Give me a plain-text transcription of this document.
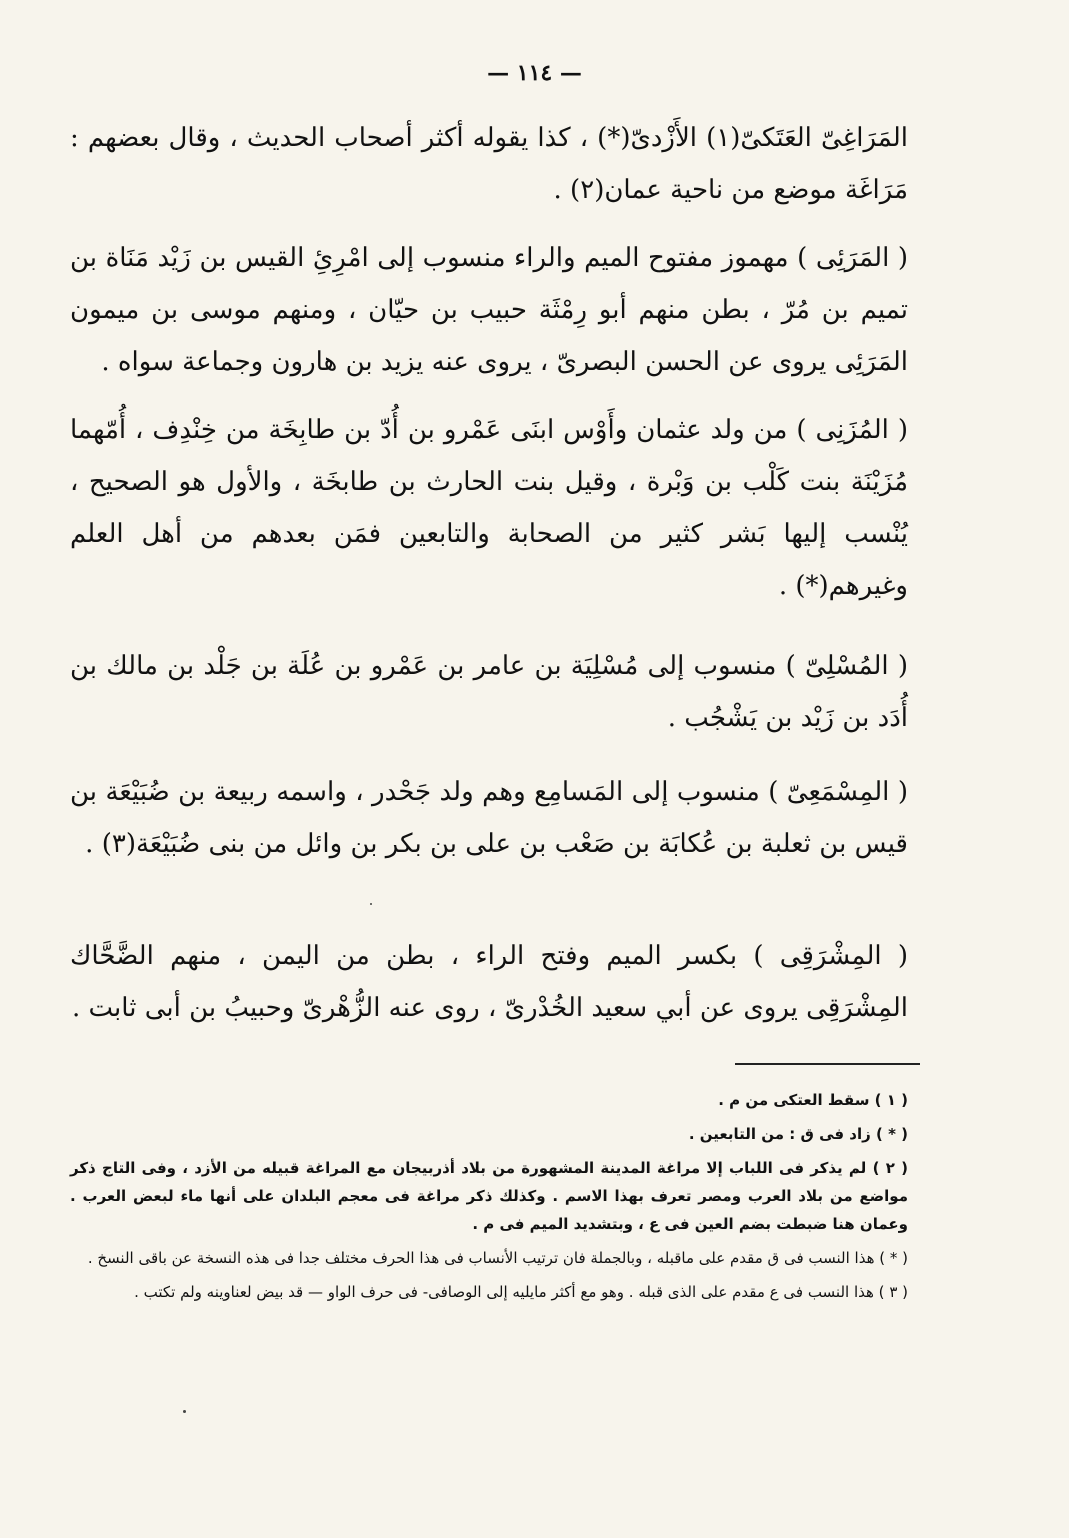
— ١١٤ —

المَرَاغِىّ العَتَكىّ(١) الأَزْدىّ(*) ، كذا يقوله أكثر أصحاب الحديث ، وقال بعضهم : مَرَاغَة موضع من ناحية عمان(٢) .

( المَرَئِى ) مهموز مفتوح الميم والراء منسوب إلى امْرِئِ القيس بن زَيْد مَنَاة بن تميم بن مُرّ ، بطن منهم أبو رِمْثَة حبيب بن حيّان ، ومنهم موسى بن ميمون المَرَئِى يروى عن الحسن البصرىّ ، يروى عنه يزيد بن هارون وجماعة سواه .

( المُزَنِى ) من ولد عثمان وأَوْس ابنَى عَمْرو بن أُدّ بن طابِخَة من خِنْدِف ، أُمّهما مُزَيْنَة بنت كَلْب بن وَبْرة ، وقيل بنت الحارث بن طابخَة ، والأول هو الصحيح ، يُنْسب إليها بَشر كثير من الصحابة والتابعين فمَن بعدهم من أهل العلم وغيرهم(*) .

( المُسْلِىّ ) منسوب إلى مُسْلِيَة بن عامر بن عَمْرو بن عُلَة بن جَلْد بن مالك بن أُدَد بن زَيْد بن يَشْجُب .

( المِسْمَعِىّ ) منسوب إلى المَسامِع وهم ولد جَحْدر ، واسمه ربيعة بن ضُبَيْعَة بن قيس بن ثعلبة بن عُكابَة بن صَعْب بن على بن بكر بن وائل من بنى ضُبَيْعَة(٣) .

( المِشْرَقِى ) بكسر الميم وفتح الراء ، بطن من اليمن ، منهم الضَّحَّاك المِشْرَقِى يروى عن أبي سعيد الخُدْرىّ ، روى عنه الزُّهْرىّ وحبيبُ بن أبى ثابت .

( ١ ) سقط العتكى من م .

( * ) زاد فى ق : من التابعين .

( ٢ ) لم يذكر فى اللباب إلا مراغة المدينة المشهورة من بلاد أذربيجان مع المراغة قبيله من الأزد ، وفى التاج ذكر مواضع من بلاد العرب ومصر تعرف بهذا الاسم . وكذلك ذكر مراغة فى معجم البلدان على أنها ماء لبعض العرب . وعمان هنا ضبطت بضم العين فى ع ، وبتشديد الميم فى م .

( * ) هذا النسب فى ق مقدم على ماقبله ، وبالجملة فان ترتيب الأنساب فى هذا الحرف مختلف جدا فى هذه النسخة عن باقى النسخ .

( ٣ ) هذا النسب فى ع مقدم على الذى قبله . وهو مع أكثر مايليه إلى الوصافى- فى حرف الواو — قد بيض لعناوينه ولم تكتب .
